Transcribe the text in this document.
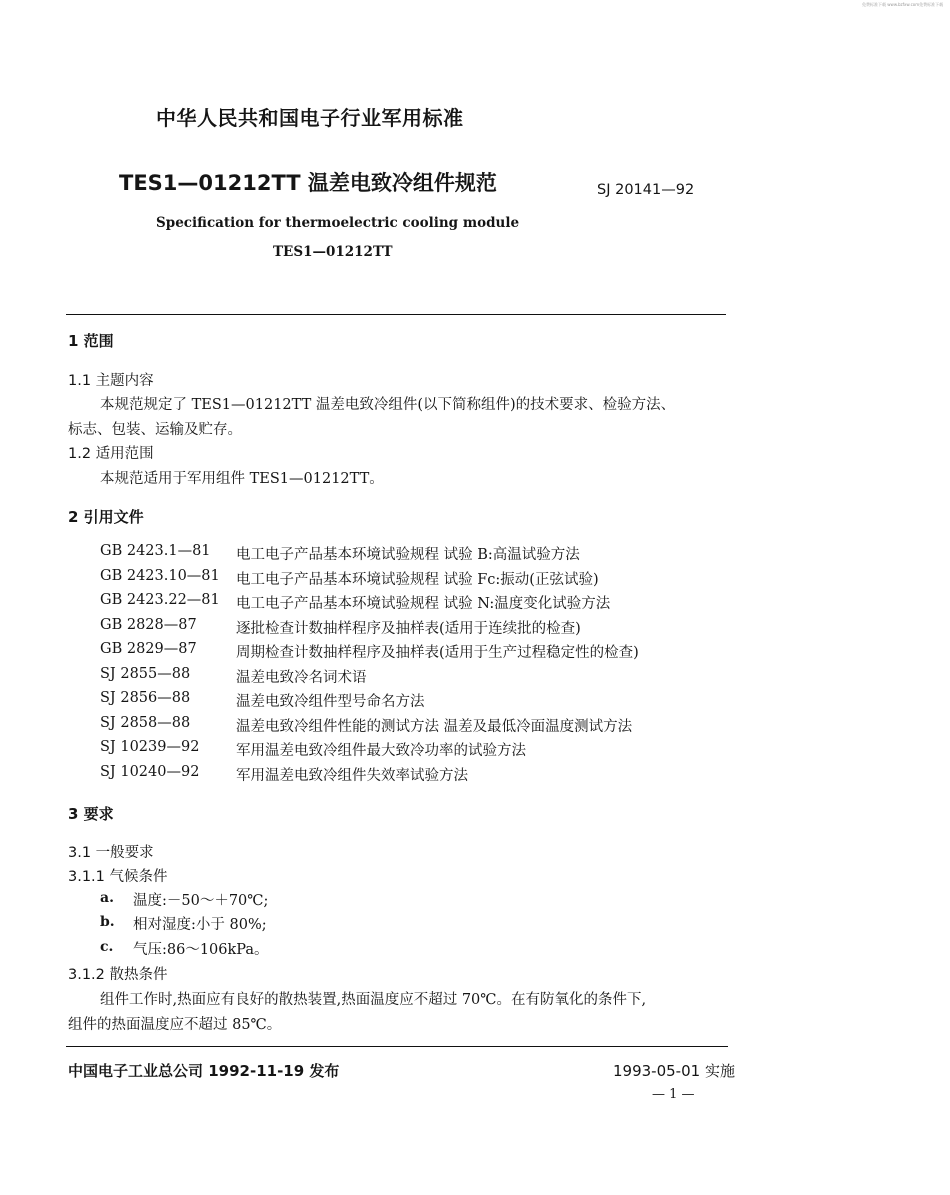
免费标准下载 www.bzfxw.com免费标准下载
中华人民共和国电子行业军用标准
TES1—01212TT 温差电致冷组件规范	SJ 20141—92
Specification for thermoelectric cooling module
TES1—01212TT
1 范围
1.1 主题内容
本规范规定了 TES1—01212TT 温差电致冷组件(以下简称组件)的技术要求、检验方法、
标志、包装、运输及贮存。
1.2 适用范围
本规范适用于军用组件 TES1—01212TT。
2 引用文件
GB 2423.1—81 电工电子产品基本环境试验规程 试验 B:高温试验方法
GB 2423.10—81 电工电子产品基本环境试验规程 试验 Fc:振动(正弦试验)
GB 2423.22—81 电工电子产品基本环境试验规程 试验 N:温度变化试验方法
GB 2828—87	逐批检查计数抽样程序及抽样表(适用于连续批的检查)
GB 2829—87	周期检查计数抽样程序及抽样表(适用于生产过程稳定性的检查)
SJ 2855—88	温差电致冷名词术语
SJ 2856—88	温差电致冷组件型号命名方法
SJ 2858—88	温差电致冷组件性能的测试方法 温差及最低冷面温度测试方法
SJ 10239—92	军用温差电致冷组件最大致冷功率的试验方法
SJ 10240—92	军用温差电致冷组件失效率试验方法
3 要求
3.1 一般要求
3.1.1 气候条件
a. 温度:－50～＋70℃;
b. 相对湿度:小于 80%;
c. 气压:86～106kPa。
3.1.2 散热条件
组件工作时,热面应有良好的散热装置,热面温度应不超过 70℃。在有防氧化的条件下,
组件的热面温度应不超过 85℃。
中国电子工业总公司 1992-11-19 发布	1993-05-01 实施
— 1 —
